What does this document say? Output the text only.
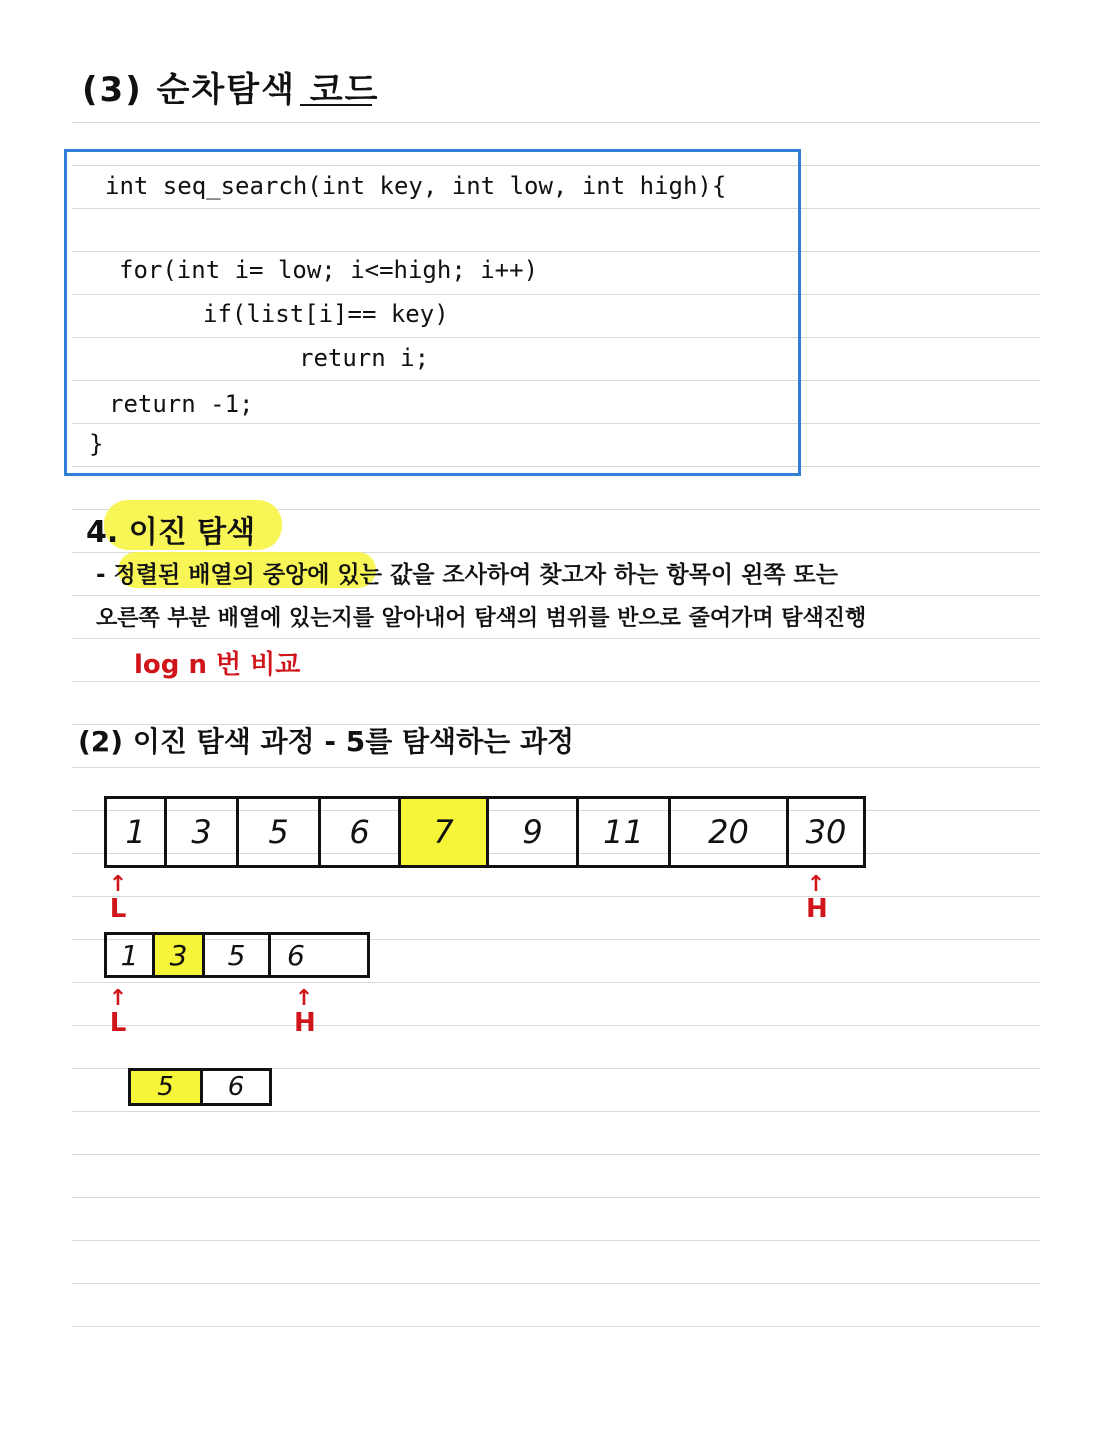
(3) 순차탐색 코드
int seq_search(int key, int low, int high){
for(int i= low; i<=high; i++)
if(list[i]== key)
return i;
return -1;
}
4. 이진 탐색
- 정렬된 배열의 중앙에 있는 값을 조사하여 찾고자 하는 항목이 왼쪽 또는
오른쪽 부분 배열에 있는지를 알아내어 탐색의 범위를 반으로 줄여가며 탐색진행
log n 번 비교
(2) 이진 탐색 과정 - 5를 탐색하는 과정
1	3	5	6	7	9	11	20	30
↑
L
↑
H
1	3	5	6
↑
L
↑
H
5	6
